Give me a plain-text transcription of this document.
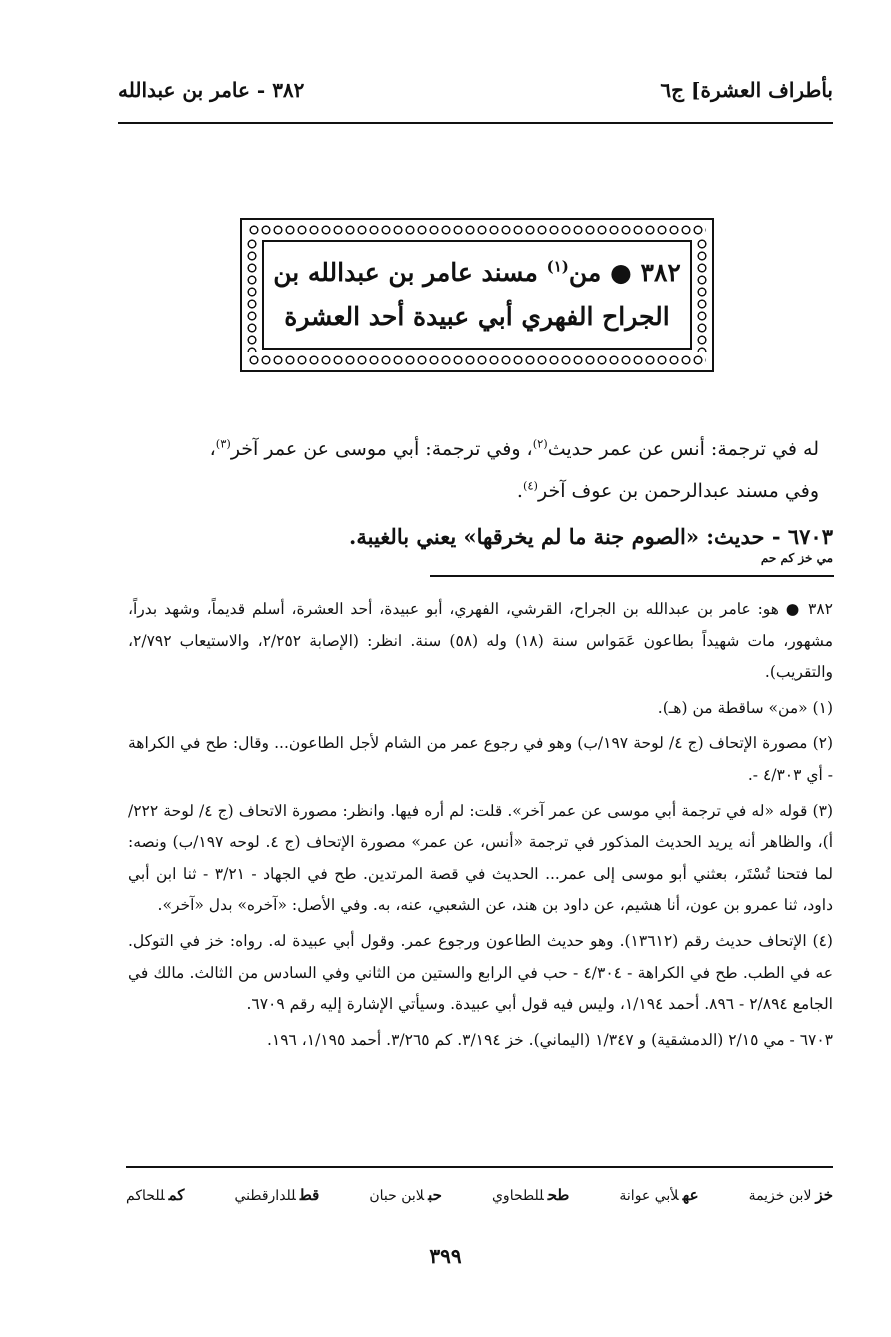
بأطراف العشرة] ج٦
٣٨٢ - عامر بن عبدالله
٣٨٢ ● من$^{(١)}$ مسند عامر بن عبدالله بن
الجراح الفهري أبي عبيدة أحد العشرة
له في ترجمة: أنس عن عمر حديث$^{(٢)}$، وفي ترجمة: أبي موسى عن عمر آخر$^{(٣)}$،
وفي مسند عبدالرحمن بن عوف آخر$^{(٤)}$.
٦٧٠٣ - حديث: «الصوم جنة ما لم يخرقها» يعني بالغيبة.
مي خز كم حم

٣٨٢ ● هو: عامر بن عبدالله بن الجراح، القرشي، الفهري، أبو عبيدة، أحد العشرة، أسلم قديماً، وشهد بدراً، مشهور، مات شهيداً بطاعون عَمَواس سنة (١٨) وله (٥٨) سنة. انظر: (الإصابة ٢/٢٥٢، والاستيعاب ٢/٧٩٢، والتقريب).

(١) «من» ساقطة من (هـ).

(٢) مصورة الإتحاف (ج ٤/ لوحة ١٩٧/ب) وهو في رجوع عمر من الشام لأجل الطاعون... وقال: طح في الكراهة - أي ٤/٣٠٣ -.

(٣) قوله «له في ترجمة أبي موسى عن عمر آخر». قلت: لم أره فيها. وانظر: مصورة الاتحاف (ج ٤/ لوحة ٢٢٢/أ)، والظاهر أنه يريد الحديث المذكور في ترجمة «أنس، عن عمر» مصورة الإتحاف (ج ٤. لوحه ١٩٧/ب) ونصه: لما فتحنا تُسْتَر، بعثني أبو موسى إلى عمر... الحديث في قصة المرتدين. طح في الجهاد - ٣/٢١ - ثنا ابن أبي داود، ثنا عمرو بن عون، أنا هشيم، عن داود بن هند، عن الشعبي، عنه، به. وفي الأصل: «آخره» بدل «آخر».

(٤) الإتحاف حديث رقم (١٣٦١٢). وهو حديث الطاعون ورجوع عمر. وقول أبي عبيدة له. رواه: خز في التوكل. عه في الطب. طح في الكراهة - ٤/٣٠٤ - حب في الرابع والستين من الثاني وفي السادس من الثالث. مالك في الجامع ٢/٨٩٤ - ٨٩٦. أحمد ١/١٩٤، وليس فيه قول أبي عبيدة. وسيأتي الإشارة إليه رقم ٦٧٠٩.

٦٧٠٣ - مي ٢/١٥ (الدمشقية) و ١/٣٤٧ (اليماني). خز ٣/١٩٤. كم ٣/٢٦٥. أحمد ١/١٩٥، ١٩٦.

خزلابن خزيمة
عهلأبي عوانة
طحللطحاوي
حبلابن حبان
قطللدارقطني
كمللحاكم
٣٩٩
